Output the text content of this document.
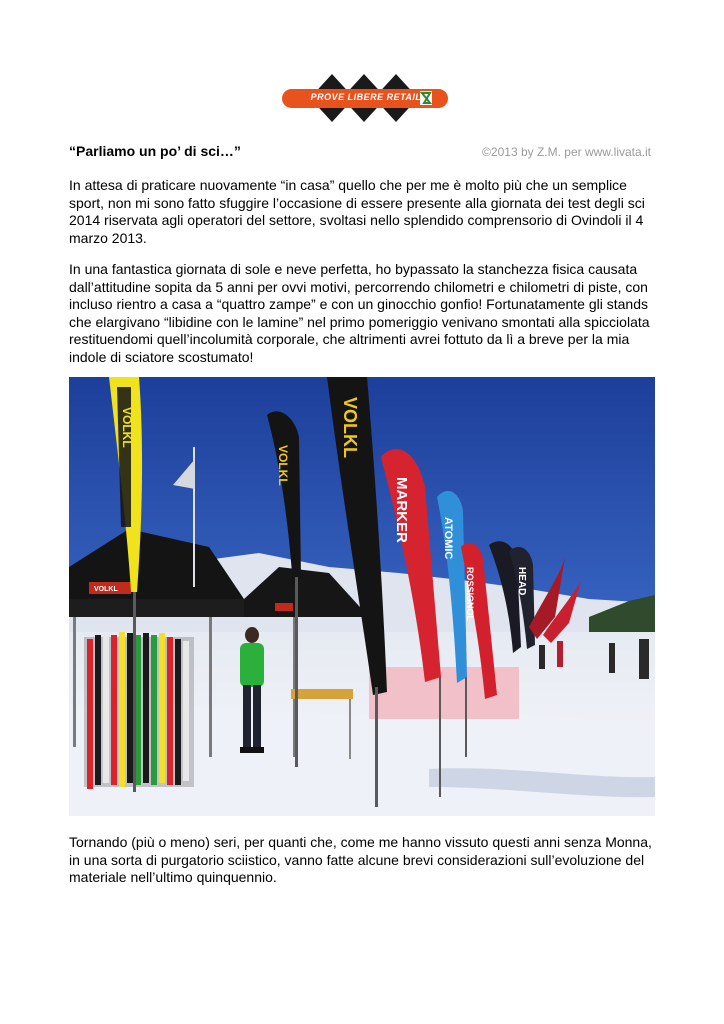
PROVE LIBERE RETAIL
“Parliamo un po’ di sci…”	©2013 by Z.M. per www.livata.it

In attesa di praticare nuovamente “in casa” quello che per me è molto più che un semplice sport, non mi sono fatto sfuggire l’occasione di essere presente alla giornata dei test degli sci 2014 riservata agli operatori del settore, svoltasi nello splendido comprensorio di Ovindoli il 4 marzo 2013.

In una fantastica giornata di sole e neve perfetta, ho bypassato la stanchezza fisica causata dall’attitudine sopita da 5 anni per ovvi motivi, percorrendo chilometri e chilometri di piste, con incluso rientro a casa a “quattro zampe” e con un ginocchio gonfio! Fortunatamente gli stands che elargivano “libidine con le lamine” nel primo pomeriggio venivano smontati alla spicciolata restituendomi quell’incolumità corporale, che altrimenti avrei fottuto da lì a breve per la mia indole di sciatore scostumato!

VOLKL
VOLKL
VOLKL
VOLKL
MARKER	ATOMIC
ROSSIGNOL	HEAD

Tornando (più o meno) seri, per quanti che, come me hanno vissuto questi anni senza Monna, in una sorta di purgatorio sciistico, vanno fatte alcune brevi considerazioni sull’evoluzione del materiale nell’ultimo quinquennio.
